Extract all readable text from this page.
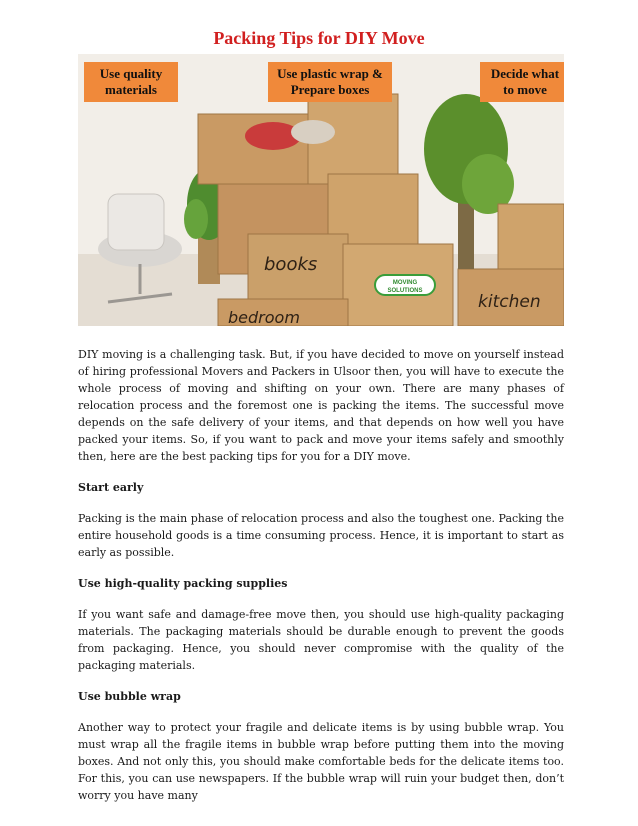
Packing Tips for DIY Move
Use quality materials
Use plastic wrap & Prepare boxes
Decide what to move
books
kitchen
bedroom
MOVING SOLUTIONS

DIY moving is a challenging task. But, if you have decided to move on yourself instead of hiring professional Movers and Packers in Ulsoor then, you will have to execute the whole process of moving and shifting on your own. There are many phases of relocation process and the foremost one is packing the items. The successful move depends on the safe delivery of your items, and that depends on how well you have packed your items. So, if you want to pack and move your items safely and smoothly then, here are the best packing tips for you for a DIY move.

Start early

Packing is the main phase of relocation process and also the toughest one. Packing the entire household goods is a time consuming process. Hence, it is important to start as early as possible.

Use high-quality packing supplies

If you want safe and damage-free move then, you should use high-quality packaging materials. The packaging materials should be durable enough to prevent the goods from packaging. Hence, you should never compromise with the quality of the packaging materials.

Use bubble wrap

Another way to protect your fragile and delicate items is by using bubble wrap. You must wrap all the fragile items in bubble wrap before putting them into the moving boxes. And not only this, you should make comfortable beds for the delicate items too. For this, you can use newspapers. If the bubble wrap will ruin your budget then, don’t worry you have many
